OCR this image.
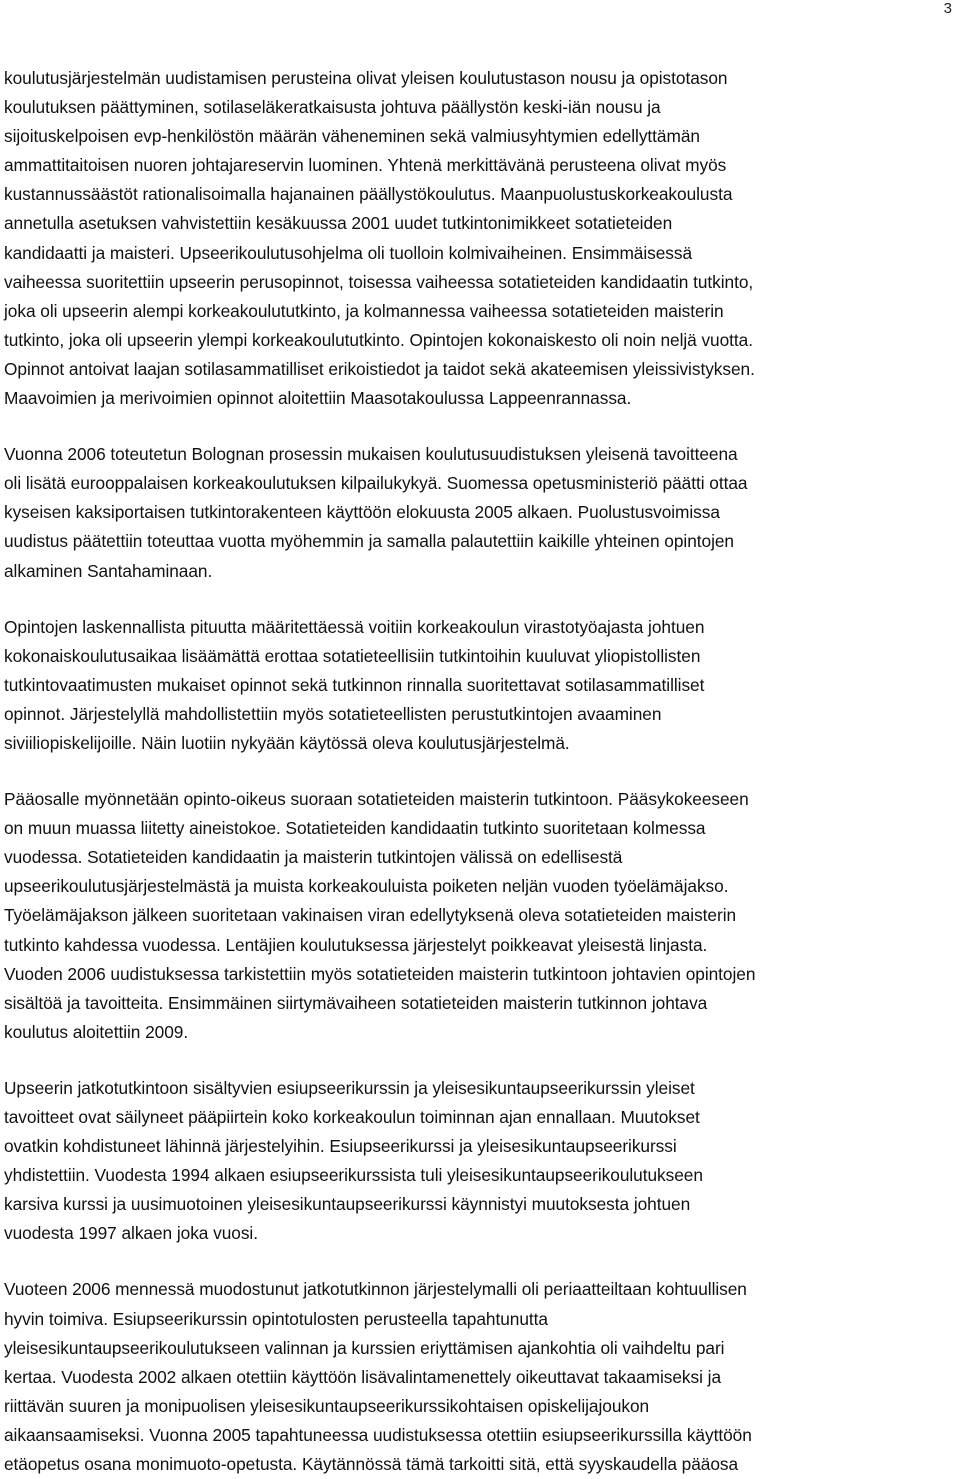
3

koulutusjärjestelmän uudistamisen perusteina olivat yleisen koulutustason nousu ja opistotason
koulutuksen päättyminen, sotilaseläkeratkaisusta johtuva päällystön keski-iän nousu ja
sijoituskelpoisen evp-henkilöstön määrän väheneminen sekä valmiusyhtymien edellyttämän
ammattitaitoisen nuoren johtajareservin luominen. Yhtenä merkittävänä perusteena olivat myös
kustannussäästöt rationalisoimalla hajanainen päällystökoulutus. Maanpuolustuskorkeakoulusta
annetulla asetuksen vahvistettiin kesäkuussa 2001 uudet tutkintonimikkeet sotatieteiden
kandidaatti ja maisteri. Upseerikoulutusohjelma oli tuolloin kolmivaiheinen. Ensimmäisessä
vaiheessa suoritettiin upseerin perusopinnot, toisessa vaiheessa sotatieteiden kandidaatin tutkinto,
joka oli upseerin alempi korkeakoulututkinto, ja kolmannessa vaiheessa sotatieteiden maisterin
tutkinto, joka oli upseerin ylempi korkeakoulututkinto. Opintojen kokonaiskesto oli noin neljä vuotta.
Opinnot antoivat laajan sotilasammatilliset erikoistiedot ja taidot sekä akateemisen yleissivistyksen.
Maavoimien ja merivoimien opinnot aloitettiin Maasotakoulussa Lappeenrannassa.

Vuonna 2006 toteutetun Bolognan prosessin mukaisen koulutusuudistuksen yleisenä tavoitteena
oli lisätä eurooppalaisen korkeakoulutuksen kilpailukykyä. Suomessa opetusministeriö päätti ottaa
kyseisen kaksiportaisen tutkintorakenteen käyttöön elokuusta 2005 alkaen. Puolustusvoimissa
uudistus päätettiin toteuttaa vuotta myöhemmin ja samalla palautettiin kaikille yhteinen opintojen
alkaminen Santahaminaan.

Opintojen laskennallista pituutta määritettäessä voitiin korkeakoulun virastotyöajasta johtuen
kokonaiskoulutusaikaa lisäämättä erottaa sotatieteellisiin tutkintoihin kuuluvat yliopistollisten
tutkintovaatimusten mukaiset opinnot sekä tutkinnon rinnalla suoritettavat sotilasammatilliset
opinnot. Järjestelyllä mahdollistettiin myös sotatieteellisten perustutkintojen avaaminen
siviiliopiskelijoille. Näin luotiin nykyään käytössä oleva koulutusjärjestelmä.

Pääosalle myönnetään opinto-oikeus suoraan sotatieteiden maisterin tutkintoon. Pääsykokeeseen
on muun muassa liitetty aineistokoe. Sotatieteiden kandidaatin tutkinto suoritetaan kolmessa
vuodessa. Sotatieteiden kandidaatin ja maisterin tutkintojen välissä on edellisestä
upseerikoulutusjärjestelmästä ja muista korkeakouluista poiketen neljän vuoden työelämäjakso.
Työelämäjakson jälkeen suoritetaan vakinaisen viran edellytyksenä oleva sotatieteiden maisterin
tutkinto kahdessa vuodessa. Lentäjien koulutuksessa järjestelyt poikkeavat yleisestä linjasta.
Vuoden 2006 uudistuksessa tarkistettiin myös sotatieteiden maisterin tutkintoon johtavien opintojen
sisältöä ja tavoitteita. Ensimmäinen siirtymävaiheen sotatieteiden maisterin tutkinnon johtava
koulutus aloitettiin 2009.

Upseerin jatkotutkintoon sisältyvien esiupseerikurssin ja yleisesikuntaupseerikurssin yleiset
tavoitteet ovat säilyneet pääpiirtein koko korkeakoulun toiminnan ajan ennallaan. Muutokset
ovatkin kohdistuneet lähinnä järjestelyihin. Esiupseerikurssi ja yleisesikuntaupseerikurssi
yhdistettiin. Vuodesta 1994 alkaen esiupseerikurssista tuli yleisesikuntaupseerikoulutukseen
karsiva kurssi ja uusimuotoinen yleisesikuntaupseerikurssi käynnistyi muutoksesta johtuen
vuodesta 1997 alkaen joka vuosi.

Vuoteen 2006 mennessä muodostunut jatkotutkinnon järjestelymalli oli periaatteiltaan kohtuullisen
hyvin toimiva. Esiupseerikurssin opintotulosten perusteella tapahtunutta
yleisesikuntaupseerikoulutukseen valinnan ja kurssien eriyttämisen ajankohtia oli vaihdeltu pari
kertaa. Vuodesta 2002 alkaen otettiin käyttöön lisävalintamenettely oikeuttavat takaamiseksi ja
riittävän suuren ja monipuolisen yleisesikuntaupseerikurssikohtaisen opiskelijajoukon
aikaansaamiseksi. Vuonna 2005 tapahtuneessa uudistuksessa otettiin esiupseerikurssilla käyttöön
etäopetus osana monimuoto-opetusta. Käytännössä tämä tarkoitti sitä, että syyskaudella pääosa
